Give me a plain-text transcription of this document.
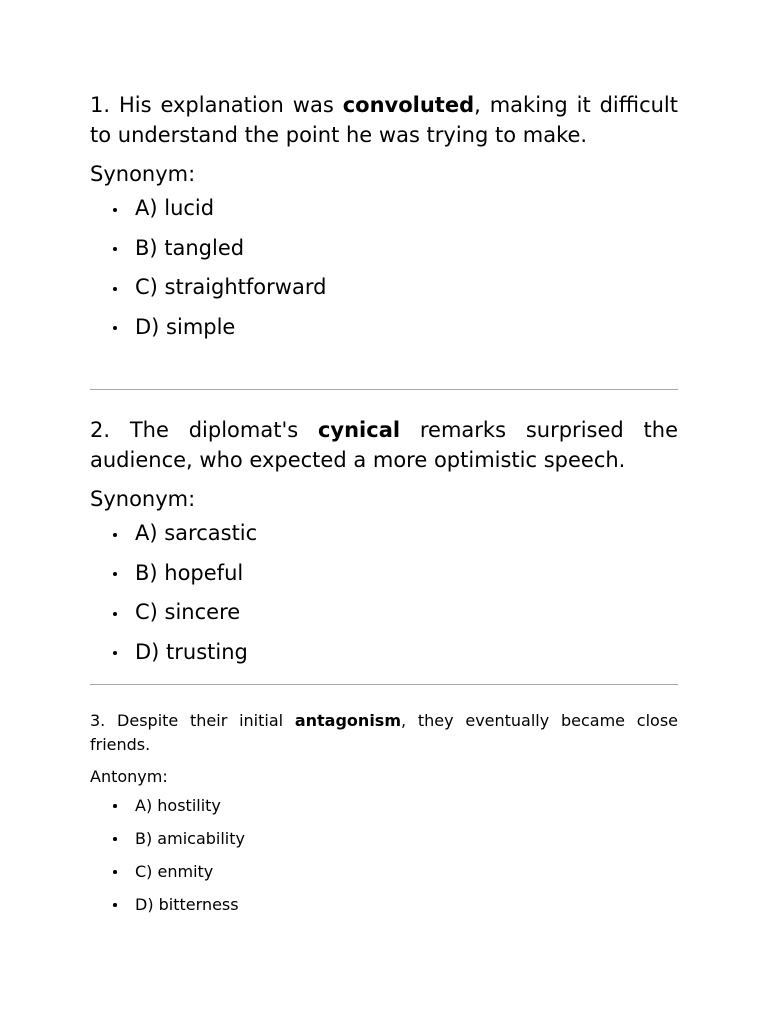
1. His explanation was convoluted, making it difficult to understand the point he was trying to make.

Synonym:

A) lucid
B) tangled
C) straightforward
D) simple

2. The diplomat's cynical remarks surprised the audience, who expected a more optimistic speech.

Synonym:

A) sarcastic
B) hopeful
C) sincere
D) trusting

3. Despite their initial antagonism, they eventually became close friends.

Antonym:

A) hostility
B) amicability
C) enmity
D) bitterness
